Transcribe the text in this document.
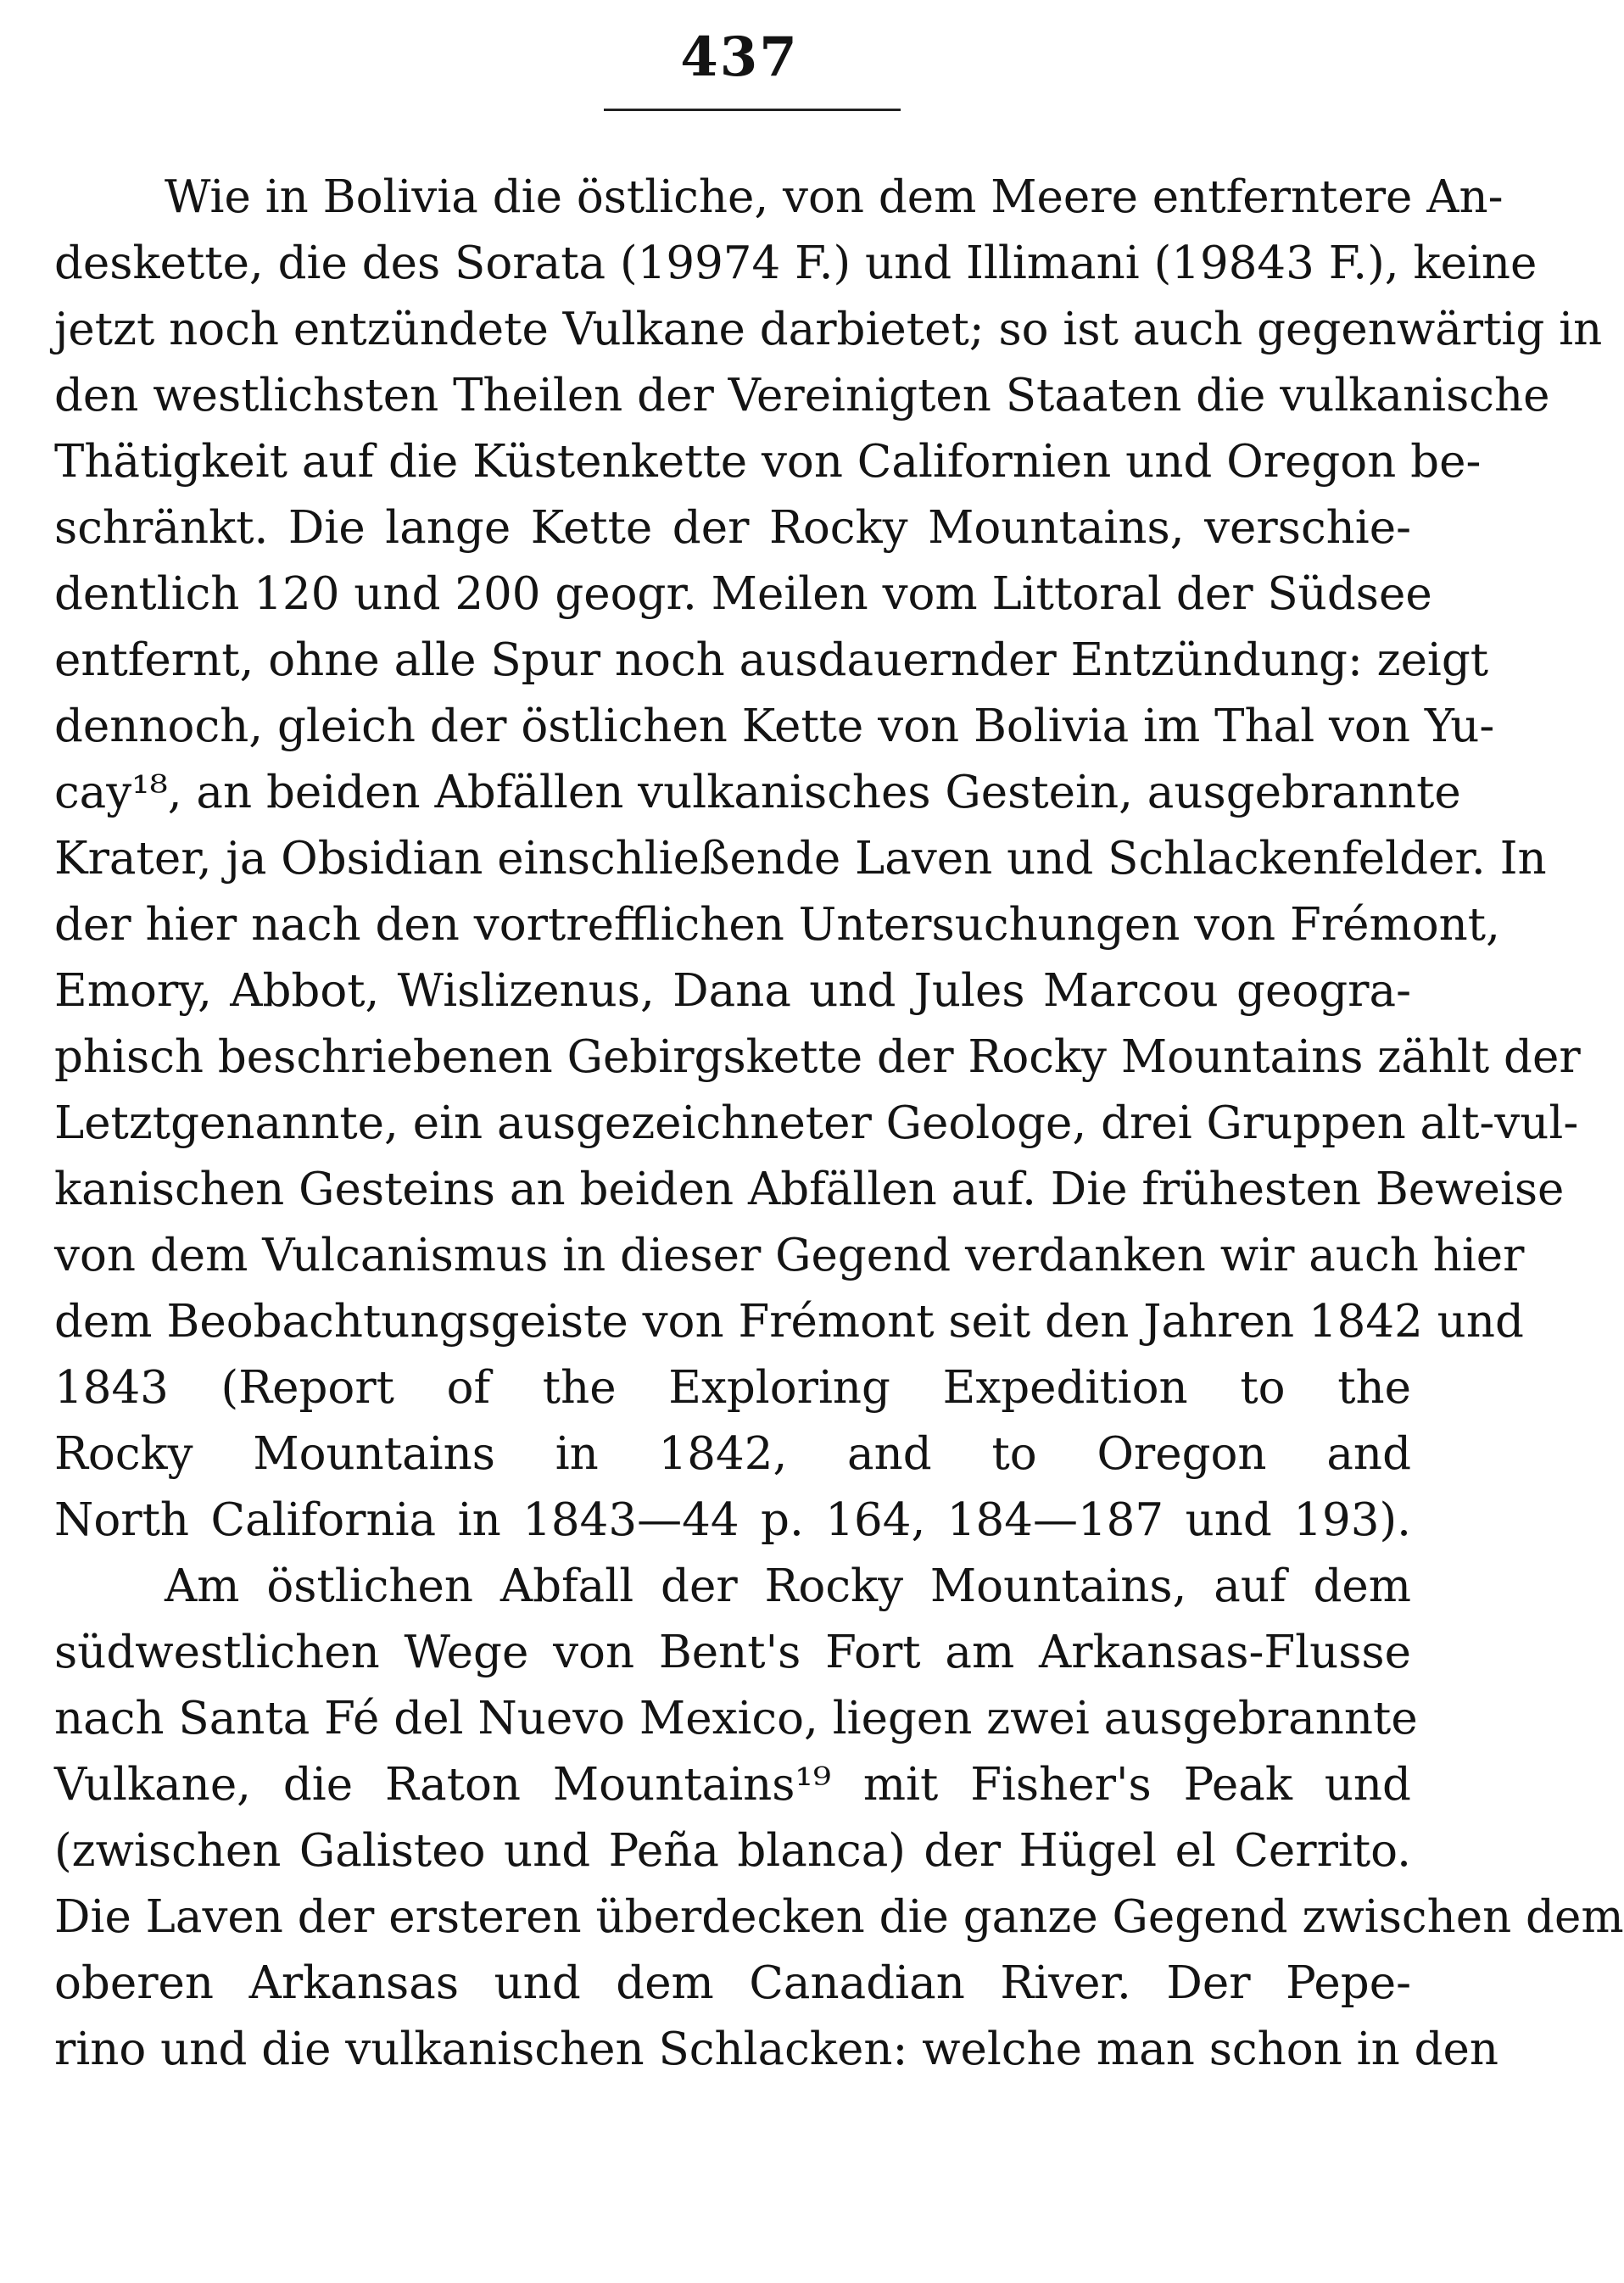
437
Wie in Bolivia die östliche, von dem Meere entferntere An-
deskette, die des Sorata (19974 F.) und Illimani (19843 F.), keine
jetzt noch entzündete Vulkane darbietet; so ist auch gegenwärtig in
den westlichsten Theilen der Vereinigten Staaten die vulkanische
Thätigkeit auf die Küstenkette von Californien und Oregon be-
schränkt. Die lange Kette der Rocky Mountains, verschie-
dentlich 120 und 200 geogr. Meilen vom Littoral der Südsee
entfernt, ohne alle Spur noch ausdauernder Entzündung: zeigt
dennoch, gleich der östlichen Kette von Bolivia im Thal von Yu-
cay¹⁸, an beiden Abfällen vulkanisches Gestein, ausgebrannte
Krater, ja Obsidian einschließende Laven und Schlackenfelder. In
der hier nach den vortrefflichen Untersuchungen von Frémont,
Emory, Abbot, Wislizenus, Dana und Jules Marcou geogra-
phisch beschriebenen Gebirgskette der Rocky Mountains zählt der
Letztgenannte, ein ausgezeichneter Geologe, drei Gruppen alt-vul-
kanischen Gesteins an beiden Abfällen auf. Die frühesten Beweise
von dem Vulcanismus in dieser Gegend verdanken wir auch hier
dem Beobachtungsgeiste von Frémont seit den Jahren 1842 und
1843 (Report of the Exploring Expedition to the
Rocky Mountains in 1842, and to Oregon and
North California in 1843—44 p. 164, 184—187 und 193).
Am östlichen Abfall der Rocky Mountains, auf dem
südwestlichen Wege von Bent's Fort am Arkansas-Flusse
nach Santa Fé del Nuevo Mexico, liegen zwei ausgebrannte
Vulkane, die Raton Mountains¹⁹ mit Fisher's Peak und
(zwischen Galisteo und Peña blanca) der Hügel el Cerrito.
Die Laven der ersteren überdecken die ganze Gegend zwischen dem
oberen Arkansas und dem Canadian River. Der Pepe-
rino und die vulkanischen Schlacken: welche man schon in den
